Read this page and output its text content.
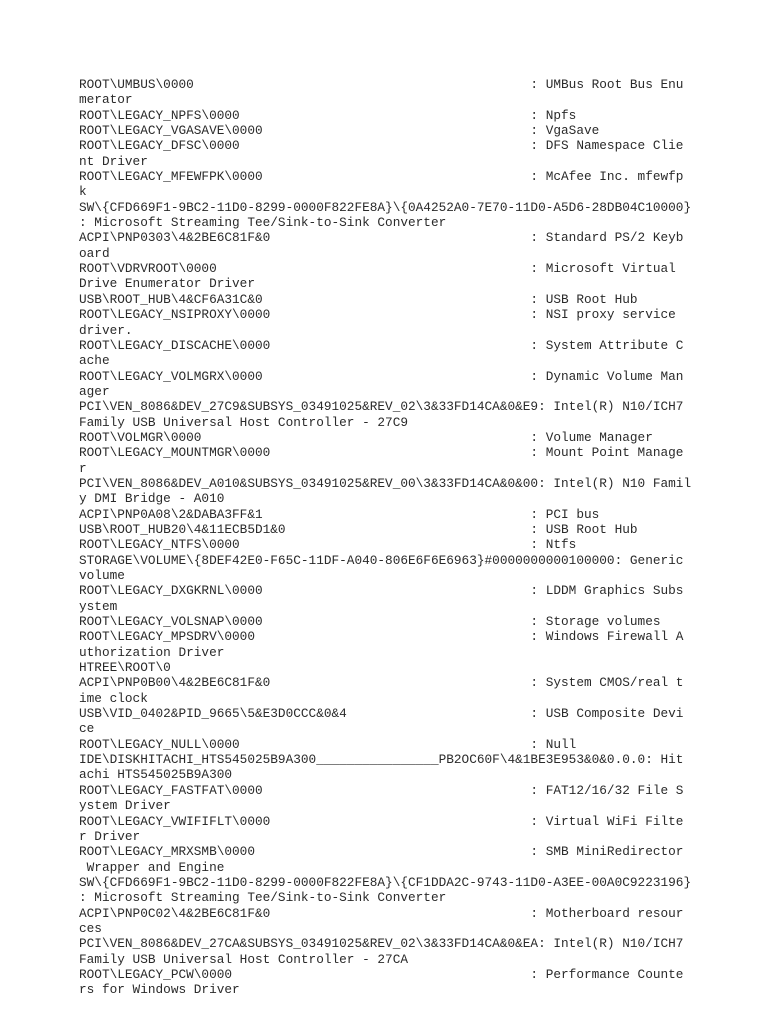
ROOT\UMBUS\0000                                            : UMBus Root Bus Enu
merator
ROOT\LEGACY_NPFS\0000                                      : Npfs
ROOT\LEGACY_VGASAVE\0000                                   : VgaSave
ROOT\LEGACY_DFSC\0000                                      : DFS Namespace Clie
nt Driver
ROOT\LEGACY_MFEWFPK\0000                                   : McAfee Inc. mfewfp
k
SW\{CFD669F1-9BC2-11D0-8299-0000F822FE8A}\{0A4252A0-7E70-11D0-A5D6-28DB04C10000}
: Microsoft Streaming Tee/Sink-to-Sink Converter
ACPI\PNP0303\4&2BE6C81F&0                                  : Standard PS/2 Keyb
oard
ROOT\VDRVROOT\0000                                         : Microsoft Virtual
Drive Enumerator Driver
USB\ROOT_HUB\4&CF6A31C&0                                   : USB Root Hub
ROOT\LEGACY_NSIPROXY\0000                                  : NSI proxy service
driver.
ROOT\LEGACY_DISCACHE\0000                                  : System Attribute C
ache
ROOT\LEGACY_VOLMGRX\0000                                   : Dynamic Volume Man
ager
PCI\VEN_8086&DEV_27C9&SUBSYS_03491025&REV_02\3&33FD14CA&0&E9: Intel(R) N10/ICH7
Family USB Universal Host Controller - 27C9
ROOT\VOLMGR\0000                                           : Volume Manager
ROOT\LEGACY_MOUNTMGR\0000                                  : Mount Point Manage
r
PCI\VEN_8086&DEV_A010&SUBSYS_03491025&REV_00\3&33FD14CA&0&00: Intel(R) N10 Famil
y DMI Bridge - A010
ACPI\PNP0A08\2&DABA3FF&1                                   : PCI bus
USB\ROOT_HUB20\4&11ECB5D1&0                                : USB Root Hub
ROOT\LEGACY_NTFS\0000                                      : Ntfs
STORAGE\VOLUME\{8DEF42E0-F65C-11DF-A040-806E6F6E6963}#0000000000100000: Generic
volume
ROOT\LEGACY_DXGKRNL\0000                                   : LDDM Graphics Subs
ystem
ROOT\LEGACY_VOLSNAP\0000                                   : Storage volumes
ROOT\LEGACY_MPSDRV\0000                                    : Windows Firewall A
uthorization Driver
HTREE\ROOT\0
ACPI\PNP0B00\4&2BE6C81F&0                                  : System CMOS/real t
ime clock
USB\VID_0402&PID_9665\5&E3D0CCC&0&4                        : USB Composite Devi
ce
ROOT\LEGACY_NULL\0000                                      : Null
IDE\DISKHITACHI_HTS545025B9A300________________PB2OC60F\4&1BE3E953&0&0.0.0: Hit
achi HTS545025B9A300
ROOT\LEGACY_FASTFAT\0000                                   : FAT12/16/32 File S
ystem Driver
ROOT\LEGACY_VWIFIFLT\0000                                  : Virtual WiFi Filte
r Driver
ROOT\LEGACY_MRXSMB\0000                                    : SMB MiniRedirector
Wrapper and Engine
SW\{CFD669F1-9BC2-11D0-8299-0000F822FE8A}\{CF1DDA2C-9743-11D0-A3EE-00A0C9223196}
: Microsoft Streaming Tee/Sink-to-Sink Converter
ACPI\PNP0C02\4&2BE6C81F&0                                  : Motherboard resour
ces
PCI\VEN_8086&DEV_27CA&SUBSYS_03491025&REV_02\3&33FD14CA&0&EA: Intel(R) N10/ICH7
Family USB Universal Host Controller - 27CA
ROOT\LEGACY_PCW\0000                                       : Performance Counte
rs for Windows Driver
